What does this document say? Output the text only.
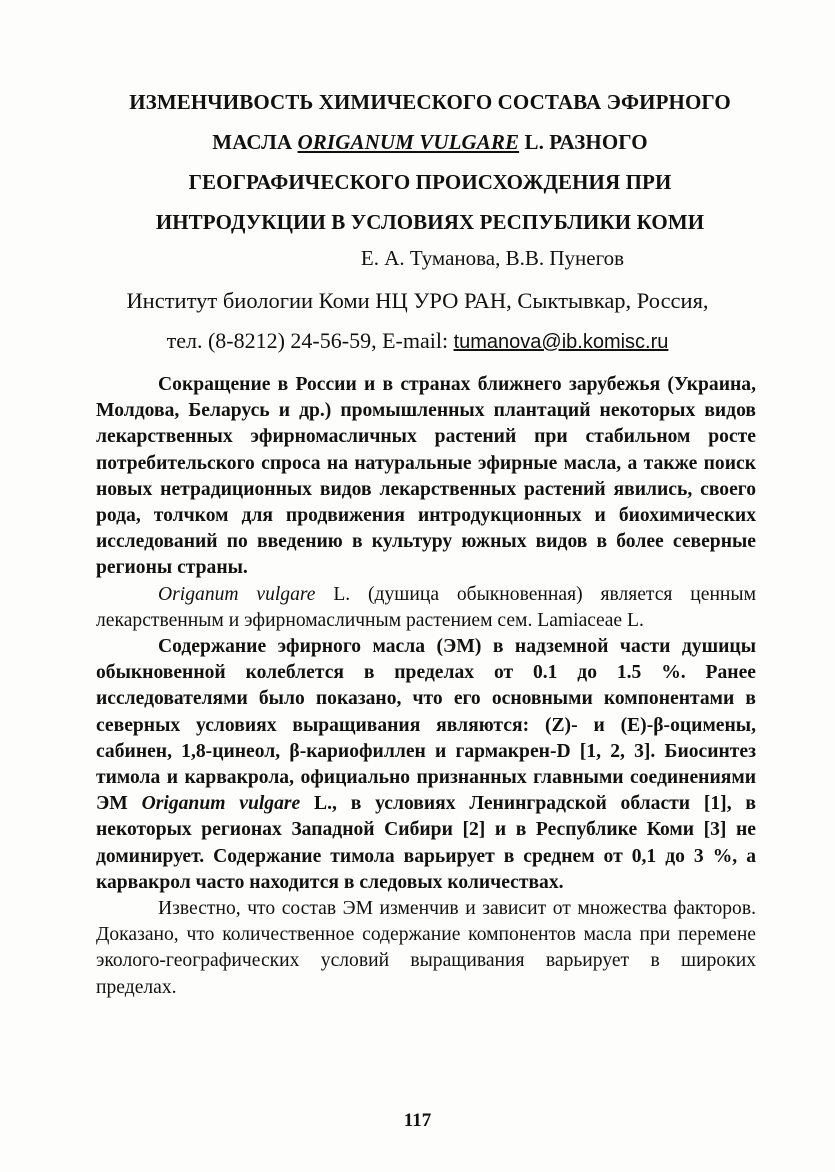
ИЗМЕНЧИВОСТЬ ХИМИЧЕСКОГО СОСТАВА ЭФИРНОГО
МАСЛА ORIGANUM VULGARE L. РАЗНОГО
ГЕОГРАФИЧЕСКОГО ПРОИСХОЖДЕНИЯ ПРИ
ИНТРОДУКЦИИ В УСЛОВИЯХ РЕСПУБЛИКИ КОМИ
Е. А. Туманова, В.В. Пунегов
Институт биологии Коми НЦ УРО РАН, Сыктывкар, Россия,
тел. (8-8212) 24-56-59, E-mail: tumanova@ib.komisc.ru

Сокращение в России и в странах ближнего зарубежья (Украина, Молдова, Беларусь и др.) промышленных плантаций некоторых видов лекарственных эфирномасличных растений при стабильном росте потребительского спроса на натуральные эфирные масла, а также поиск новых нетрадиционных видов лекарственных растений явились, своего рода, толчком для продвижения интродукционных и биохимических исследований по введению в культуру южных видов в более северные регионы страны.

Origanum vulgare L. (душица обыкновенная) является ценным лекарственным и эфирномасличным растением сем. Lamiaceae L.

Содержание эфирного масла (ЭМ) в надземной части душицы обыкновенной колеблется в пределах от 0.1 до 1.5 %. Ранее исследователями было показано, что его основными компонентами в северных условиях выращивания являются: (Z)- и (Е)-β-оцимены, сабинен, 1,8-цинеол, β-кариофиллен и гармакрен-D [1, 2, 3]. Биосинтез тимола и карвакрола, официально признанных главными соединениями ЭМ Origanum vulgare L., в условиях Ленинградской области [1], в некоторых регионах Западной Сибири [2] и в Республике Коми [3] не доминирует. Содержание тимола варьирует в среднем от 0,1 до 3 %, а карвакрол часто находится в следовых количествах.

Известно, что состав ЭМ изменчив и зависит от множества факторов. Доказано, что количественное содержание компонентов масла при перемене эколого-географических условий выращивания варьирует в широких пределах.

117
